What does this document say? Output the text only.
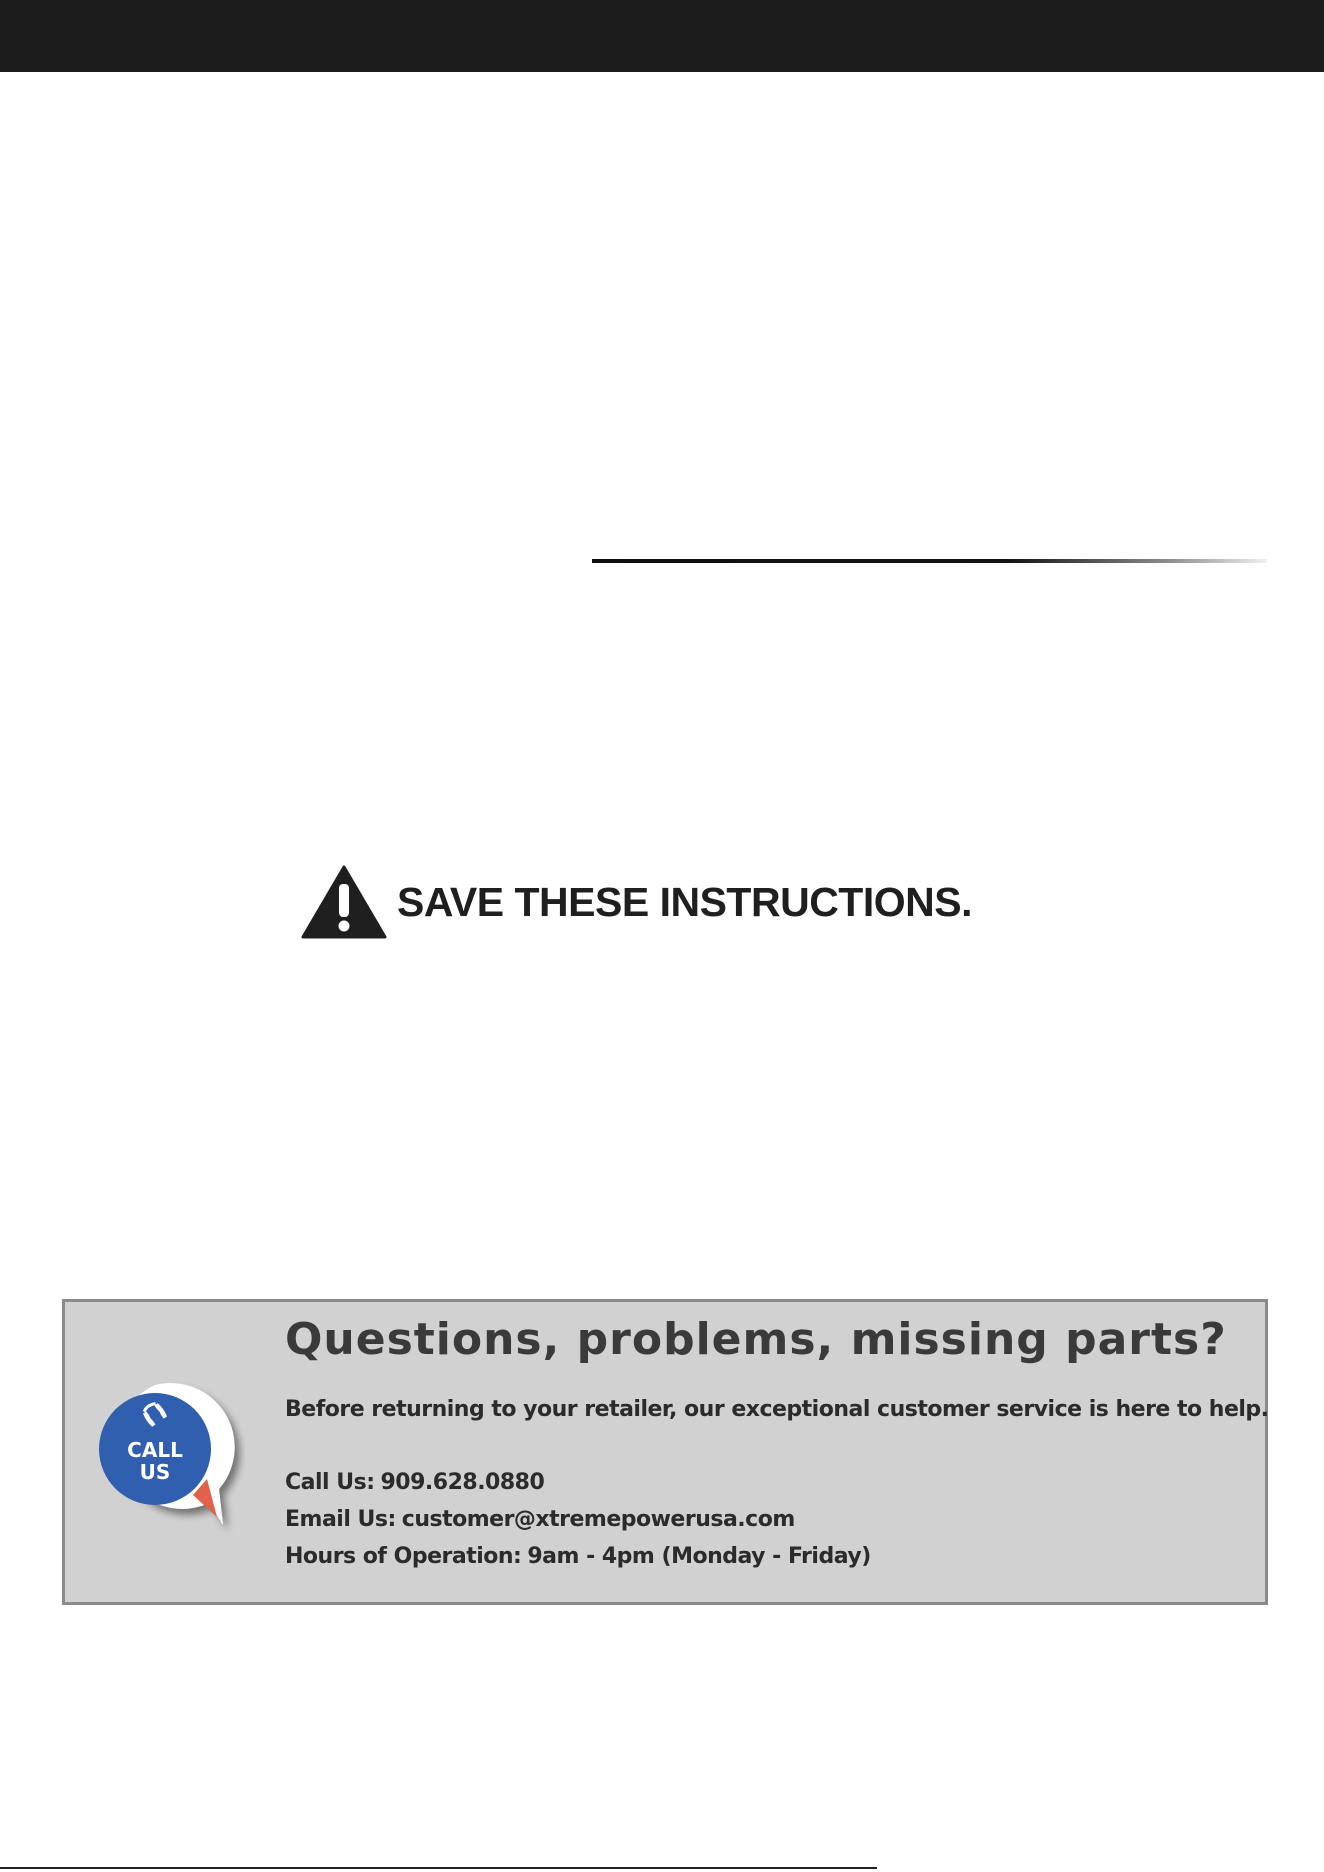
SAVE THESE INSTRUCTIONS.
CALL
US
Questions, problems, missing parts?
Before returning to your retailer, our exceptional customer service is here to help.
Call Us: 909.628.0880
Email Us: customer@xtremepowerusa.com
Hours of Operation: 9am - 4pm (Monday - Friday)
